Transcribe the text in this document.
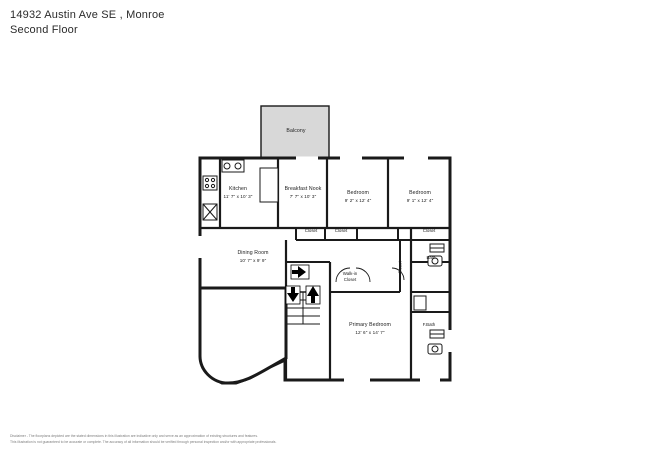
14932 Austin Ave SE , Monroe
Second Floor
Balcony
Kitchen
11' 7" x 10' 3"
Breakfast Nook
7' 7" x 10' 3"
Bedroom
9' 2" x 12' 4"
Bedroom
9' 1" x 12' 4"
Dining Room
10' 7" x 9' 9"
Primary Bedroom
12' 6" x 14' 7"
Closet	Closet	Closet
Walk-in
Closet
Closet
Bath
F.Bath
Disclaimer - The floorplans depicted are the stated dimensions in this illustration are indicative only and serve as an approximation of existing structures and features.
This illustration is not guaranteed to be accurate or complete. The accuracy of all information should be verified through personal inspection and/or with appropriate professionals.
